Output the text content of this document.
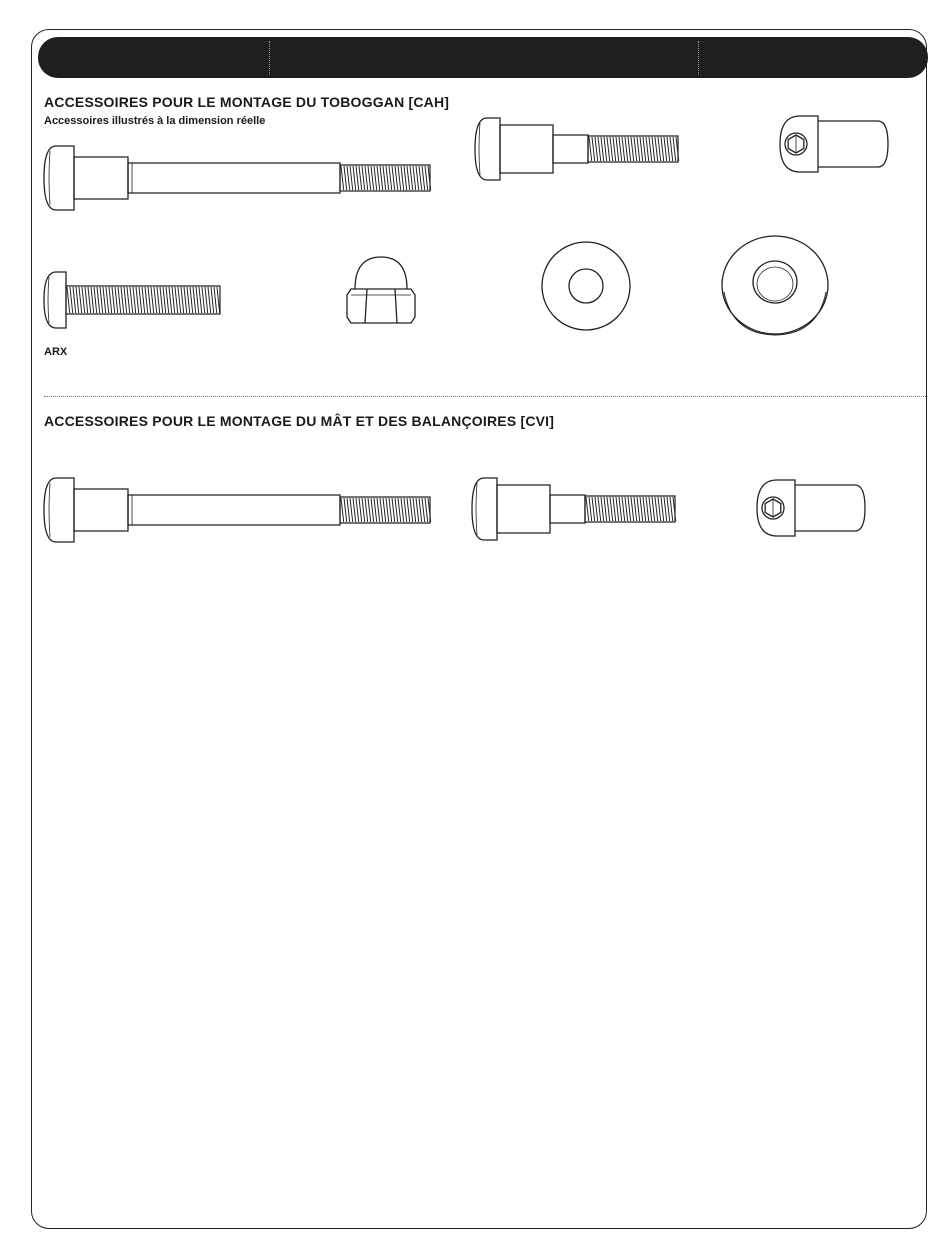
ACCESSOIRES POUR LE MONTAGE DU TOBOGGAN [CAH]
Accessoires illustrés à la dimension réelle
ARX
ACCESSOIRES POUR LE MONTAGE DU MÂT ET DES BALANÇOIRES [CVI]
